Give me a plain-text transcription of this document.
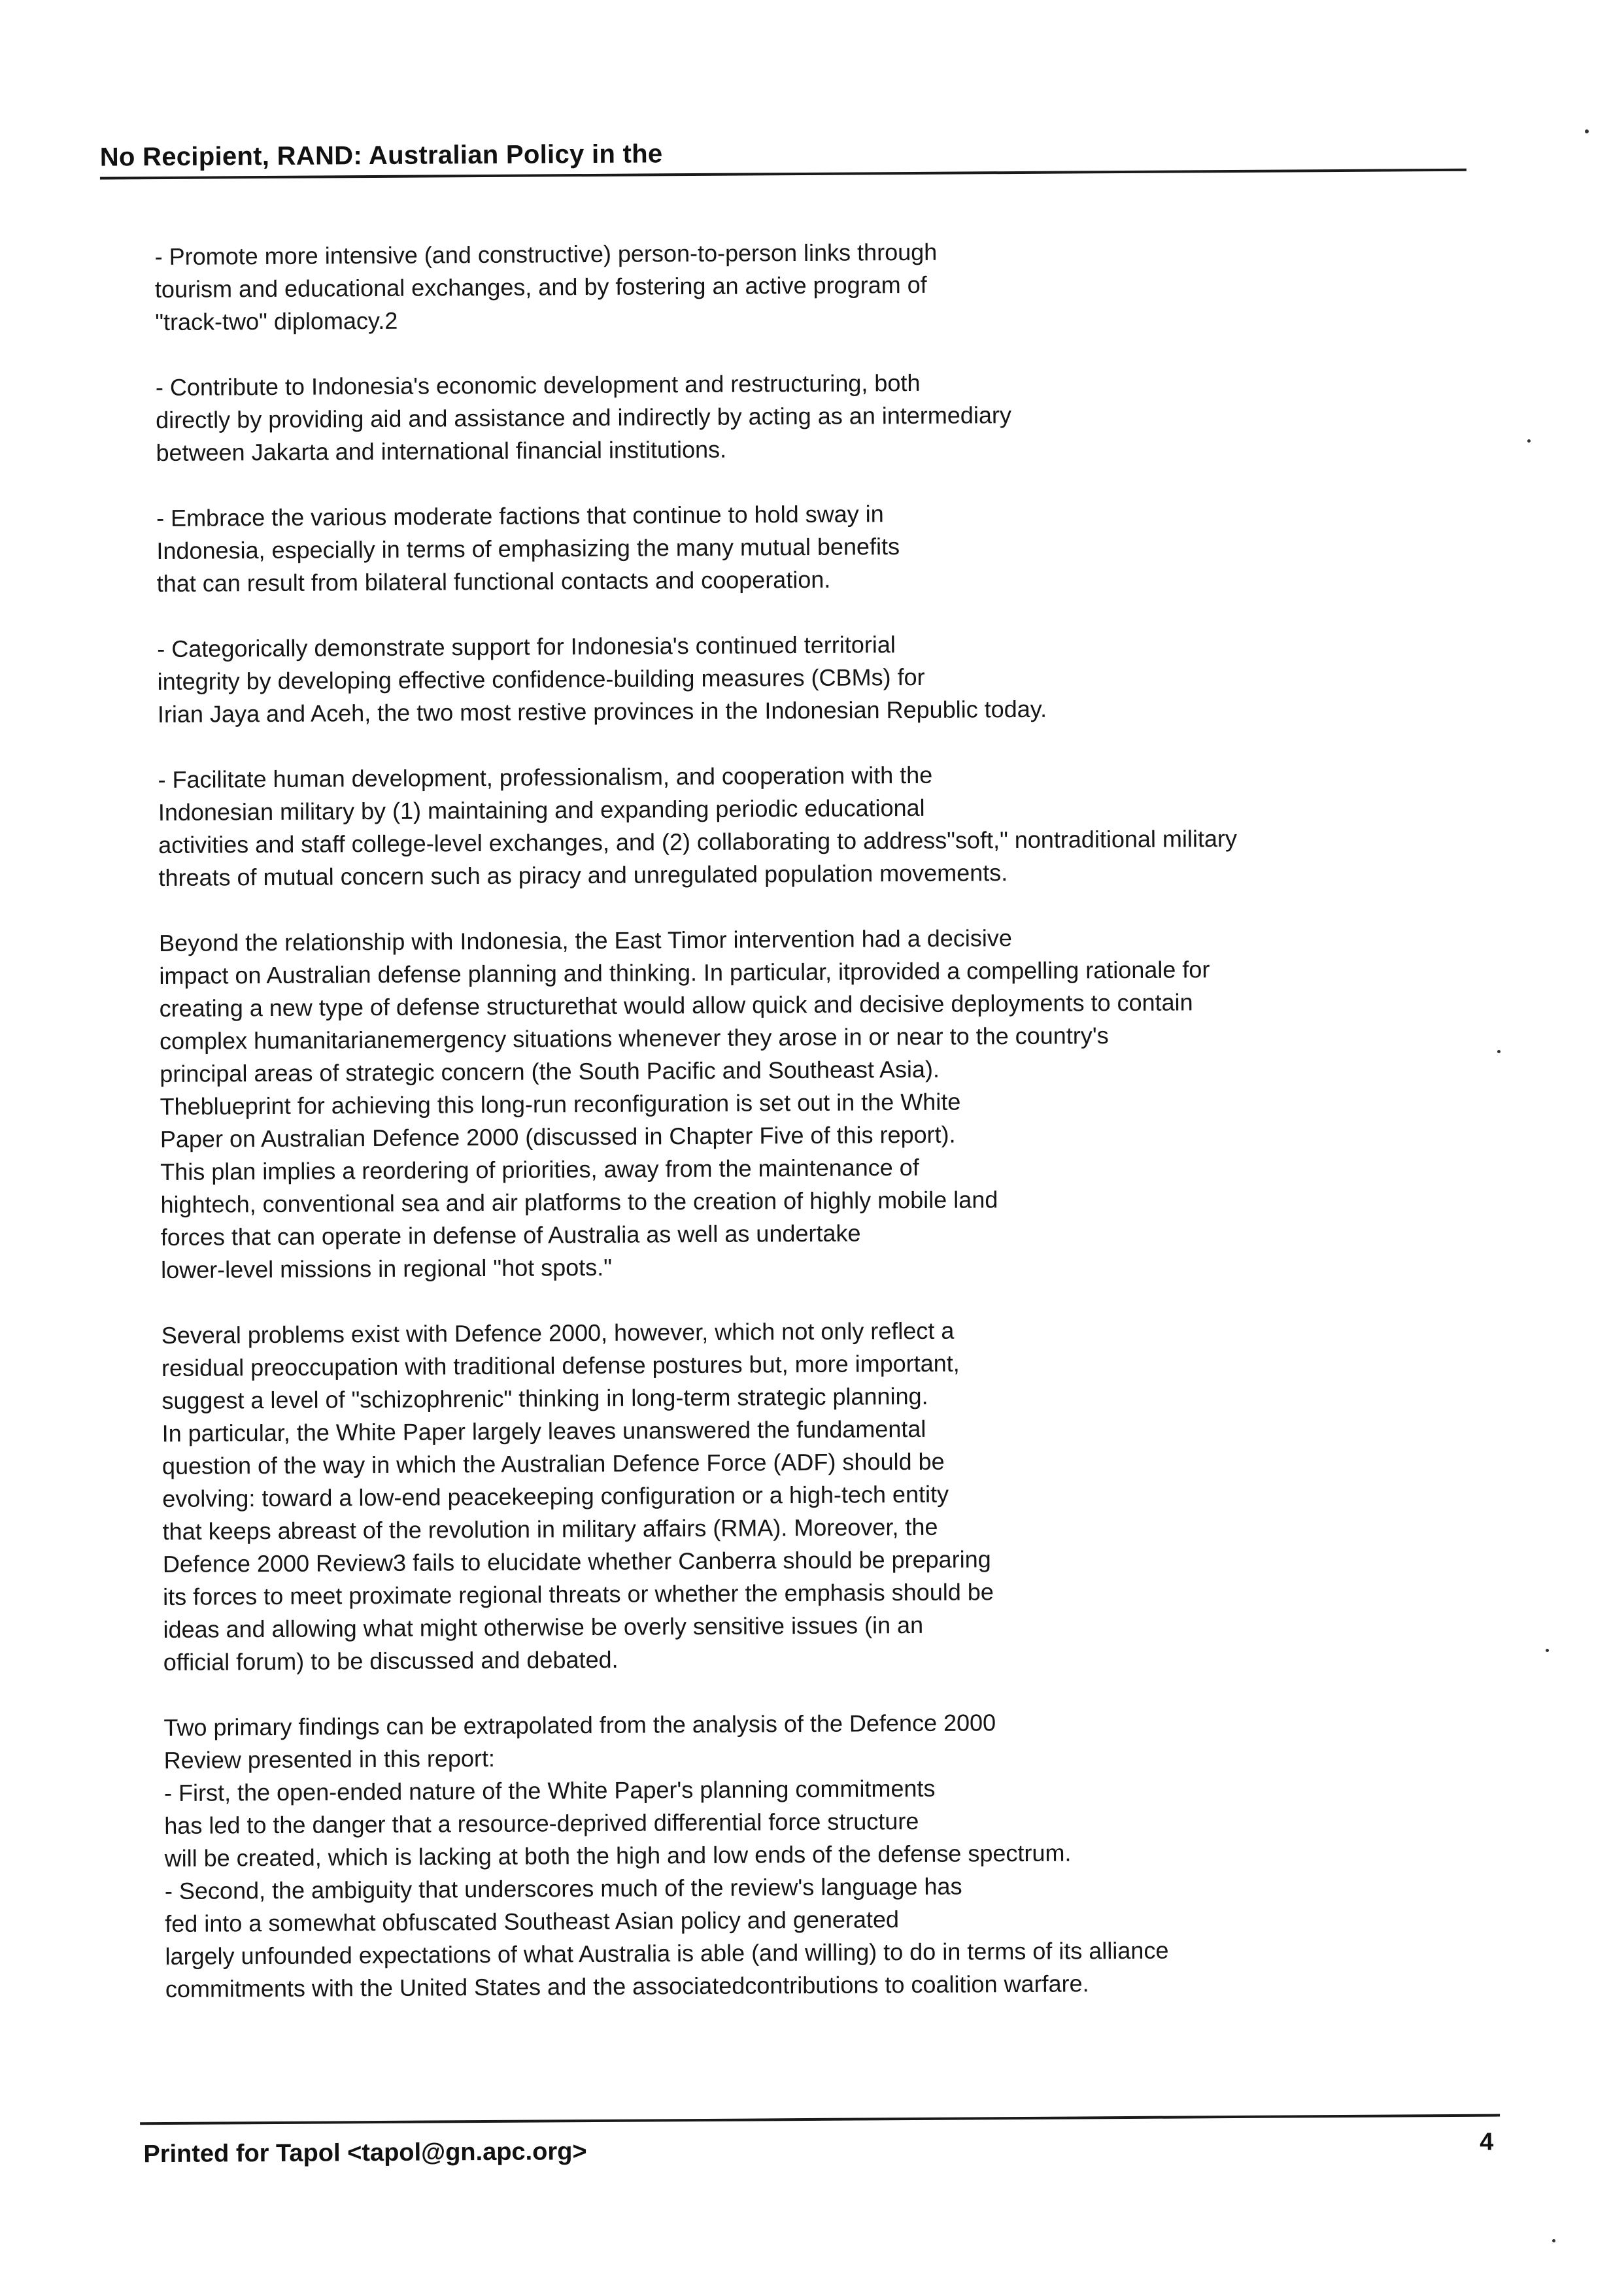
No Recipient, RAND: Australian Policy in the
- Promote more intensive (and constructive) person-to-person links through
tourism and educational exchanges, and by fostering an active program of
"track-two" diplomacy.2
- Contribute to Indonesia's economic development and restructuring, both
directly by providing aid and assistance and indirectly by acting as an intermediary
between Jakarta and international financial institutions.
- Embrace the various moderate factions that continue to hold sway in
Indonesia, especially in terms of emphasizing the many mutual benefits
that can result from bilateral functional contacts and cooperation.
- Categorically demonstrate support for Indonesia's continued territorial
integrity by developing effective confidence-building measures (CBMs) for
Irian Jaya and Aceh, the two most restive provinces in the Indonesian Republic today.
- Facilitate human development, professionalism, and cooperation with the
Indonesian military by (1) maintaining and expanding periodic educational
activities and staff college-level exchanges, and (2) collaborating to address"soft," nontraditional military
threats of mutual concern such as piracy and unregulated population movements.
Beyond the relationship with Indonesia, the East Timor intervention had a decisive
impact on Australian defense planning and thinking. In particular, itprovided a compelling rationale for
creating a new type of defense structurethat would allow quick and decisive deployments to contain
complex humanitarianemergency situations whenever they arose in or near to the country's
principal areas of strategic concern (the South Pacific and Southeast Asia).
Theblueprint for achieving this long-run reconfiguration is set out in the White
Paper on Australian Defence 2000 (discussed in Chapter Five of this report).
This plan implies a reordering of priorities, away from the maintenance of
hightech, conventional sea and air platforms to the creation of highly mobile land
forces that can operate in defense of Australia as well as undertake
lower-level missions in regional "hot spots."
Several problems exist with Defence 2000, however, which not only reflect a
residual preoccupation with traditional defense postures but, more important,
suggest a level of "schizophrenic" thinking in long-term strategic planning.
In particular, the White Paper largely leaves unanswered the fundamental
question of the way in which the Australian Defence Force (ADF) should be
evolving: toward a low-end peacekeeping configuration or a high-tech entity
that keeps abreast of the revolution in military affairs (RMA). Moreover, the
Defence 2000 Review3 fails to elucidate whether Canberra should be preparing
its forces to meet proximate regional threats or whether the emphasis should be
ideas and allowing what might otherwise be overly sensitive issues (in an
official forum) to be discussed and debated.
Two primary findings can be extrapolated from the analysis of the Defence 2000
Review presented in this report:
- First, the open-ended nature of the White Paper's planning commitments
has led to the danger that a resource-deprived differential force structure
will be created, which is lacking at both the high and low ends of the defense spectrum.
- Second, the ambiguity that underscores much of the review's language has
fed into a somewhat obfuscated Southeast Asian policy and generated
largely unfounded expectations of what Australia is able (and willing) to do in terms of its alliance
commitments with the United States and the associatedcontributions to coalition warfare.
Printed for Tapol <tapol@gn.apc.org>	4
